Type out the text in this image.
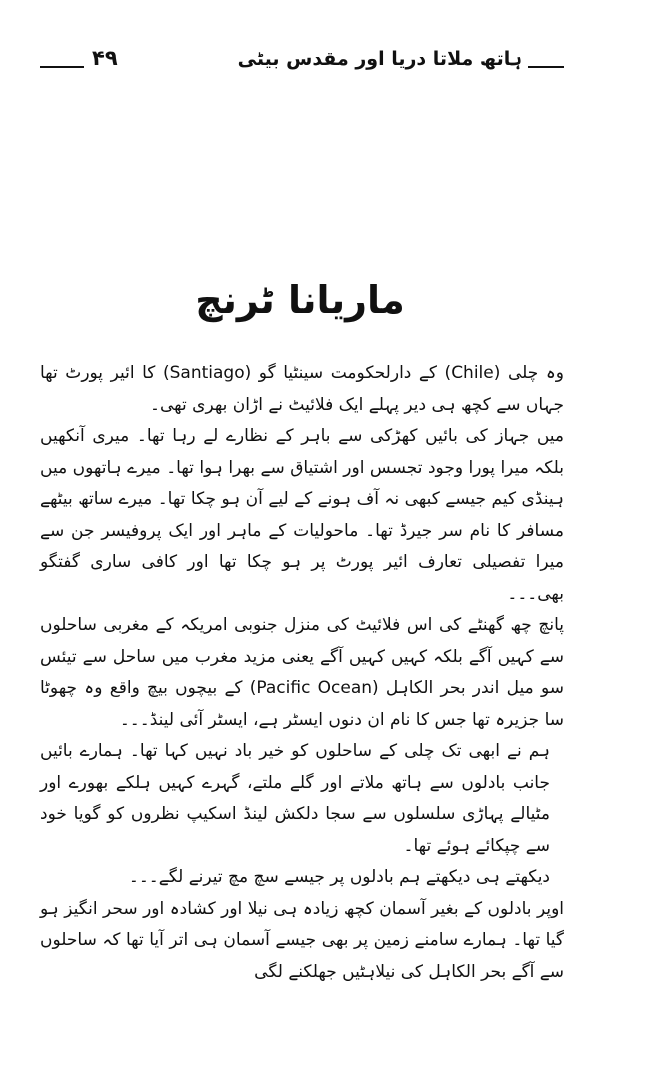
ہاتھ ملاتا دریا اور مقدس بیٹی
۴۹
ماریانا ٹرنچ

وہ چلی (Chile) کے دارلحکومت سینٹیا گو (Santiago) کا ائیر پورٹ تھا جہاں سے کچھ ہی دیر پہلے ایک فلائیٹ نے اڑان بھری تھی۔

میں جہاز کی بائیں کھڑکی سے باہر کے نظارے لے رہا تھا۔ میری آنکھیں بلکہ میرا پورا وجود تجسس اور اشتیاق سے بھرا ہوا تھا۔ میرے ہاتھوں میں ہینڈی کیم جیسے کبھی نہ آف ہونے کے لیے آن ہو چکا تھا۔ میرے ساتھ بیٹھے مسافر کا نام سر جیرڈ تھا۔ ماحولیات کے ماہر اور ایک پروفیسر جن سے میرا تفصیلی تعارف ائیر پورٹ پر ہو چکا تھا اور کافی ساری گفتگو بھی۔۔۔

پانچ چھ گھنٹے کی اس فلائیٹ کی منزل جنوبی امریکہ کے مغربی ساحلوں سے کہیں آگے بلکہ کہیں کہیں آگے یعنی مزید مغرب میں ساحل سے تیئس سو میل اندر بحر الکاہل (Pacific Ocean) کے بیچوں بیچ واقع وہ چھوٹا سا جزیرہ تھا جس کا نام ان دنوں ایسٹر ہے، ایسٹر آئی لینڈ۔۔۔

ہم نے ابھی تک چلی کے ساحلوں کو خیر باد نہیں کہا تھا۔ ہمارے بائیں جانب بادلوں سے ہاتھ ملاتے اور گلے ملتے، گہرے کہیں ہلکے بھورے اور مٹیالے پہاڑی سلسلوں سے سجا دلکش لینڈ اسکیپ نظروں کو گویا خود سے چپکائے ہوئے تھا۔

دیکھتے ہی دیکھتے ہم بادلوں پر جیسے سچ مچ تیرنے لگے۔۔۔

اوپر بادلوں کے بغیر آسمان کچھ زیادہ ہی نیلا اور کشادہ اور سحر انگیز ہو گیا تھا۔ ہمارے سامنے زمین پر بھی جیسے آسمان ہی اتر آیا تھا کہ ساحلوں سے آگے بحر الکاہل کی نیلاہٹیں جھلکنے لگی
